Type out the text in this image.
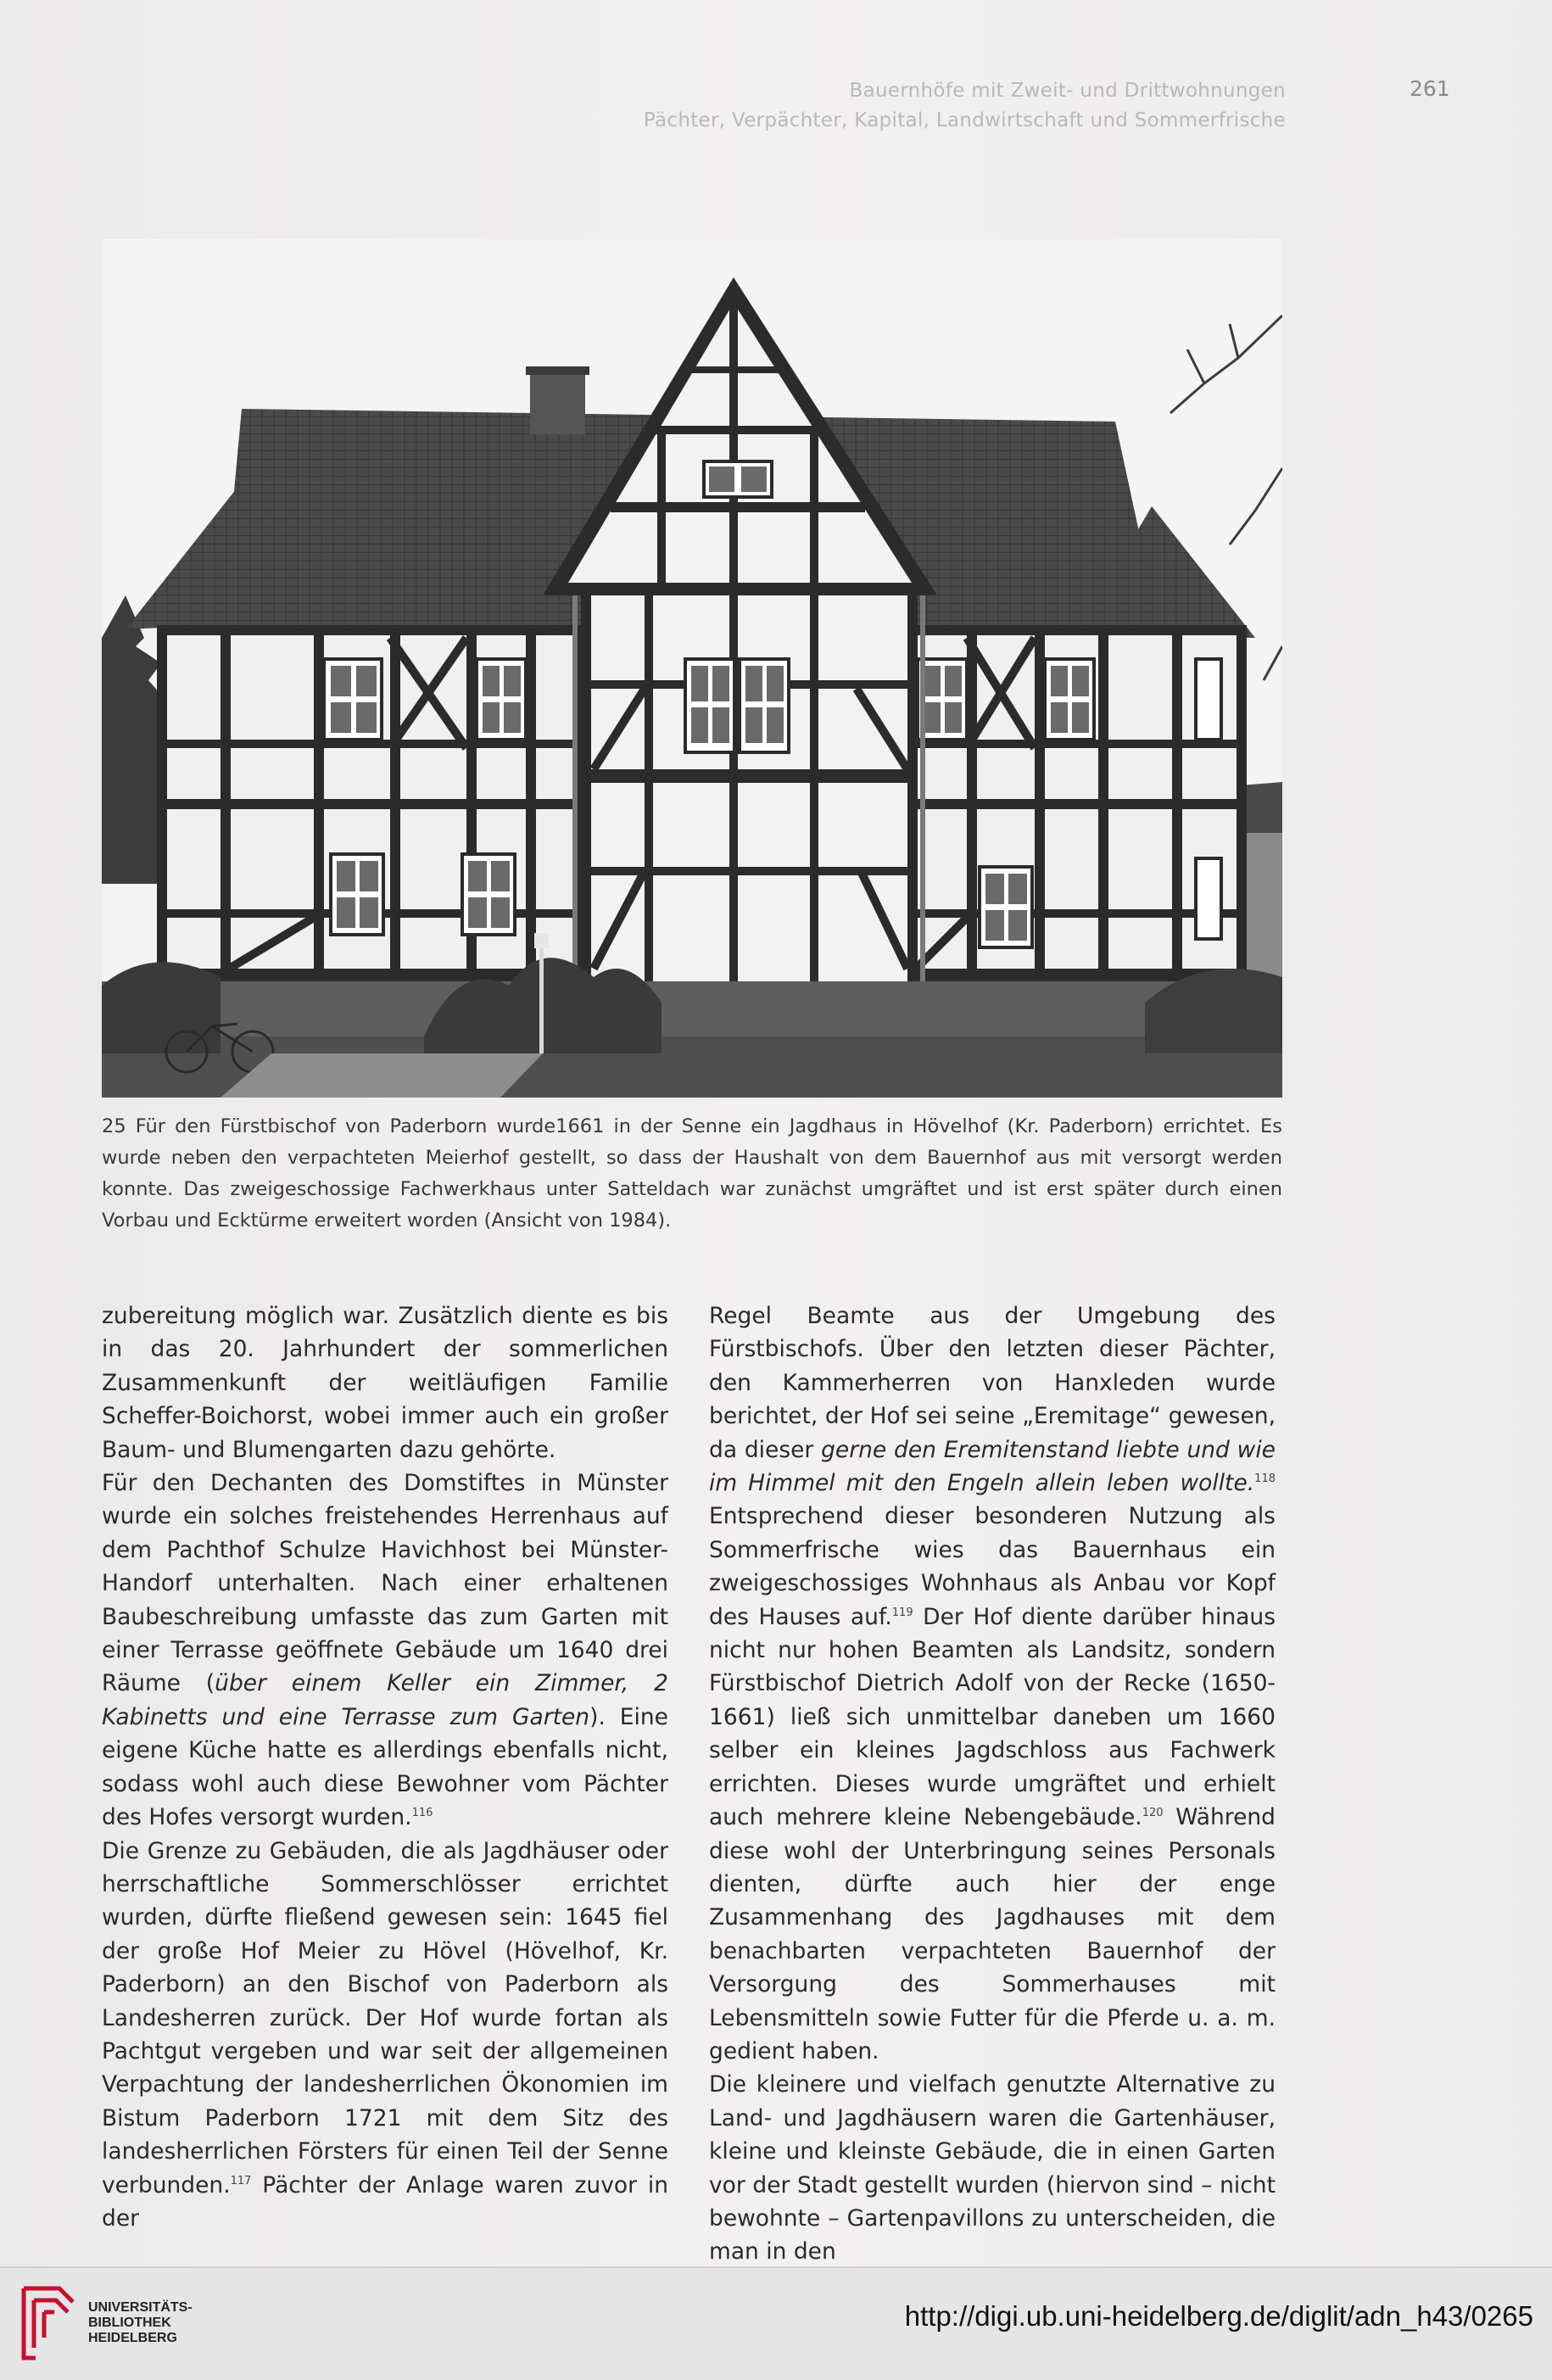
Bauernhöfe mit Zweit- und Drittwohnungen
Pächter, Verpächter, Kapital, Landwirtschaft und Sommerfrische
261
25 Für den Fürstbischof von Paderborn wurde1661 in der Senne ein Jagdhaus in Hövelhof (Kr. Paderborn) errichtet. Es wurde neben den verpachteten Meierhof gestellt, so dass der Haushalt von dem Bauernhof aus mit versorgt werden konnte. Das zweigeschossige Fachwerkhaus unter Satteldach war zunächst umgräftet und ist erst später durch einen Vorbau und Ecktürme erweitert worden (Ansicht von 1984).

zubereitung möglich war. Zusätzlich diente es bis in das 20. Jahrhundert der sommerlichen Zusammenkunft der weitläufigen Familie Scheffer-Boichorst, wobei immer auch ein großer Baum- und Blumengarten dazu gehörte.

Für den Dechanten des Domstiftes in Münster wurde ein solches freistehendes Herrenhaus auf dem Pachthof Schulze Havichhost bei Münster-Handorf unterhalten. Nach einer erhaltenen Baubeschreibung umfasste das zum Garten mit einer Terrasse geöffnete Gebäude um 1640 drei Räume (über einem Keller ein Zimmer, 2 Kabinetts und eine Terrasse zum Garten). Eine eigene Küche hatte es allerdings ebenfalls nicht, sodass wohl auch diese Bewohner vom Pächter des Hofes versorgt wurden.$^{116}$

Die Grenze zu Gebäuden, die als Jagdhäuser oder herrschaftliche Sommerschlösser errichtet wurden, dürfte fließend gewesen sein: 1645 fiel der große Hof Meier zu Hövel (Hövelhof, Kr. Paderborn) an den Bischof von Paderborn als Landesherren zurück. Der Hof wurde fortan als Pachtgut vergeben und war seit der allgemeinen Verpachtung der landesherrlichen Ökonomien im Bistum Paderborn 1721 mit dem Sitz des landesherrlichen Försters für einen Teil der Senne verbunden.$^{117}$ Pächter der Anlage waren zuvor in der

Regel Beamte aus der Umgebung des Fürstbischofs. Über den letzten dieser Pächter, den Kammerherren von Hanxleden wurde berichtet, der Hof sei seine „Eremitage“ gewesen, da dieser gerne den Eremitenstand liebte und wie im Himmel mit den Engeln allein leben wollte.$^{118}$ Entsprechend dieser besonderen Nutzung als Sommerfrische wies das Bauernhaus ein zweigeschossiges Wohnhaus als Anbau vor Kopf des Hauses auf.$^{119}$ Der Hof diente darüber hinaus nicht nur hohen Beamten als Landsitz, sondern Fürstbischof Dietrich Adolf von der Recke (1650-1661) ließ sich unmittelbar daneben um 1660 selber ein kleines Jagdschloss aus Fachwerk errichten. Dieses wurde umgräftet und erhielt auch mehrere kleine Nebengebäude.$^{120}$ Während diese wohl der Unterbringung seines Personals dienten, dürfte auch hier der enge Zusammenhang des Jagdhauses mit dem benachbarten verpachteten Bauernhof der Versorgung des Sommerhauses mit Lebensmitteln sowie Futter für die Pferde u. a. m. gedient haben.

Die kleinere und vielfach genutzte Alternative zu Land- und Jagdhäusern waren die Gartenhäuser, kleine und kleinste Gebäude, die in einen Garten vor der Stadt gestellt wurden (hiervon sind – nicht bewohnte – Gartenpavillons zu unterscheiden, die man in den

UNIVERSITÄTS-
BIBLIOTHEK
HEIDELBERG
http://digi.ub.uni-heidelberg.de/diglit/adn_h43/0265
